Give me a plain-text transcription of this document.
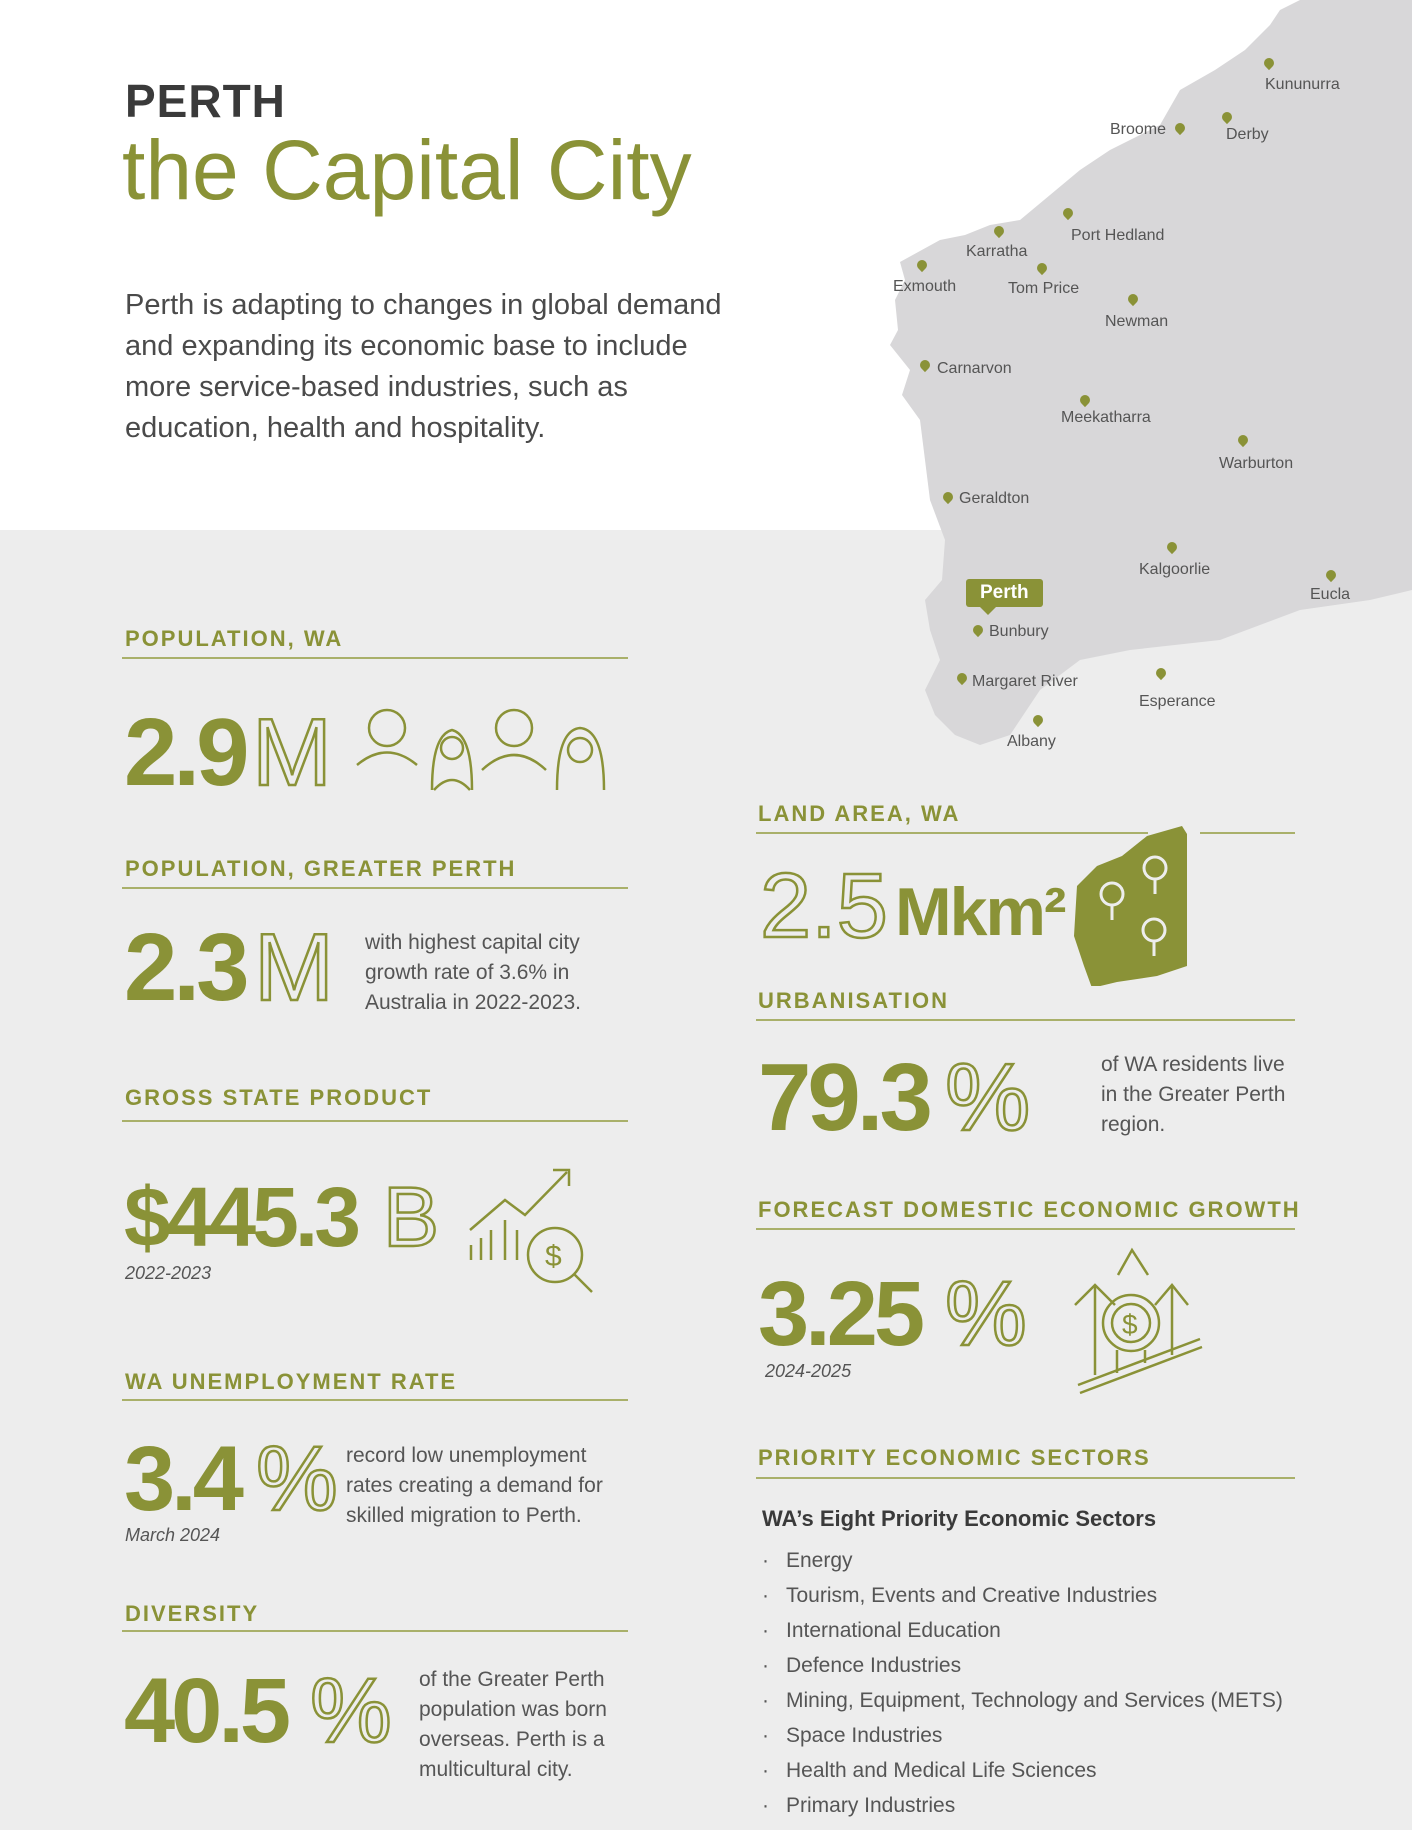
Kununurra
Broome	Derby
Port Hedland
Karratha
Exmouth	Tom Price
Newman
Carnarvon
Meekatharra
Warburton
Geraldton
Kalgoorlie
Eucla
Perth
Bunbury
Margaret River
Esperance
Albany
PERTH
the Capital City
Perth is adapting to changes in global demand and expanding its economic base to include more service-based industries, such as education, health and hospitality.
POPULATION, WA
2.9 M
POPULATION, GREATER PERTH
2.3 M with highest capital city growth rate of 3.6% in Australia in 2022-2023.
GROSS STATE PRODUCT
$445.3 B
2022-2023	$
WA UNEMPLOYMENT RATE
3.4 %
March 2024
record low unemployment rates creating a demand for skilled migration to Perth.
DIVERSITY
40.5 % of the Greater Perth population was born overseas. Perth is a multicultural city.
LAND AREA, WA
2.5 Mkm²
URBANISATION
79.3 %	of WA residents live in the Greater Perth region.
FORECAST DOMESTIC ECONOMIC GROWTH
3.25 %
2024-2025
$
PRIORITY ECONOMIC SECTORS
WA’s Eight Priority Economic Sectors
· Energy
· Tourism, Events and Creative Industries
· International Education
· Defence Industries
· Mining, Equipment, Technology and Services (METS)
· Space Industries
· Health and Medical Life Sciences
· Primary Industries
